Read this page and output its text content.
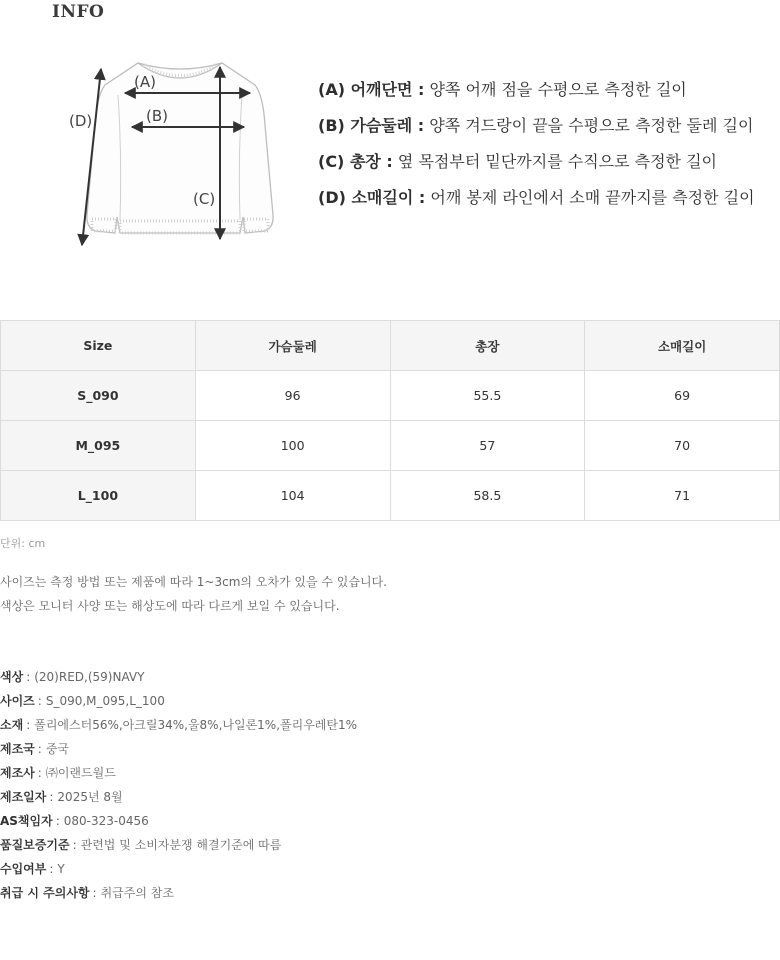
INFO
(A)
(B)
(C)
(D)
(A) 어깨단면 : 양쪽 어깨 점을 수평으로 측정한 길이
(B) 가슴둘레 : 양쪽 겨드랑이 끝을 수평으로 측정한 둘레 길이
(C) 총장 : 옆 목점부터 밑단까지를 수직으로 측정한 길이
(D) 소매길이 : 어깨 봉제 라인에서 소매 끝까지를 측정한 길이
Size	가슴둘레	총장	소매길이
S_090	96	55.5	69
M_095	100	57	70
L_100	104	58.5	71
단위: cm
사이즈는 측정 방법 또는 제품에 따라 1~3cm의 오차가 있을 수 있습니다.
색상은 모니터 사양 또는 해상도에 따라 다르게 보일 수 있습니다.
색상 : (20)RED,(59)NAVY
사이즈 : S_090,M_095,L_100
소재 : 폴리에스터56%,아크릴34%,울8%,나일론1%,폴리우레탄1%
제조국 : 중국
제조사 : ㈜이랜드월드
제조일자 : 2025년 8월
AS책임자 : 080-323-0456
품질보증기준 : 관련법 및 소비자분쟁 해결기준에 따름
수입여부 : Y
취급 시 주의사항 : 취급주의 참조
